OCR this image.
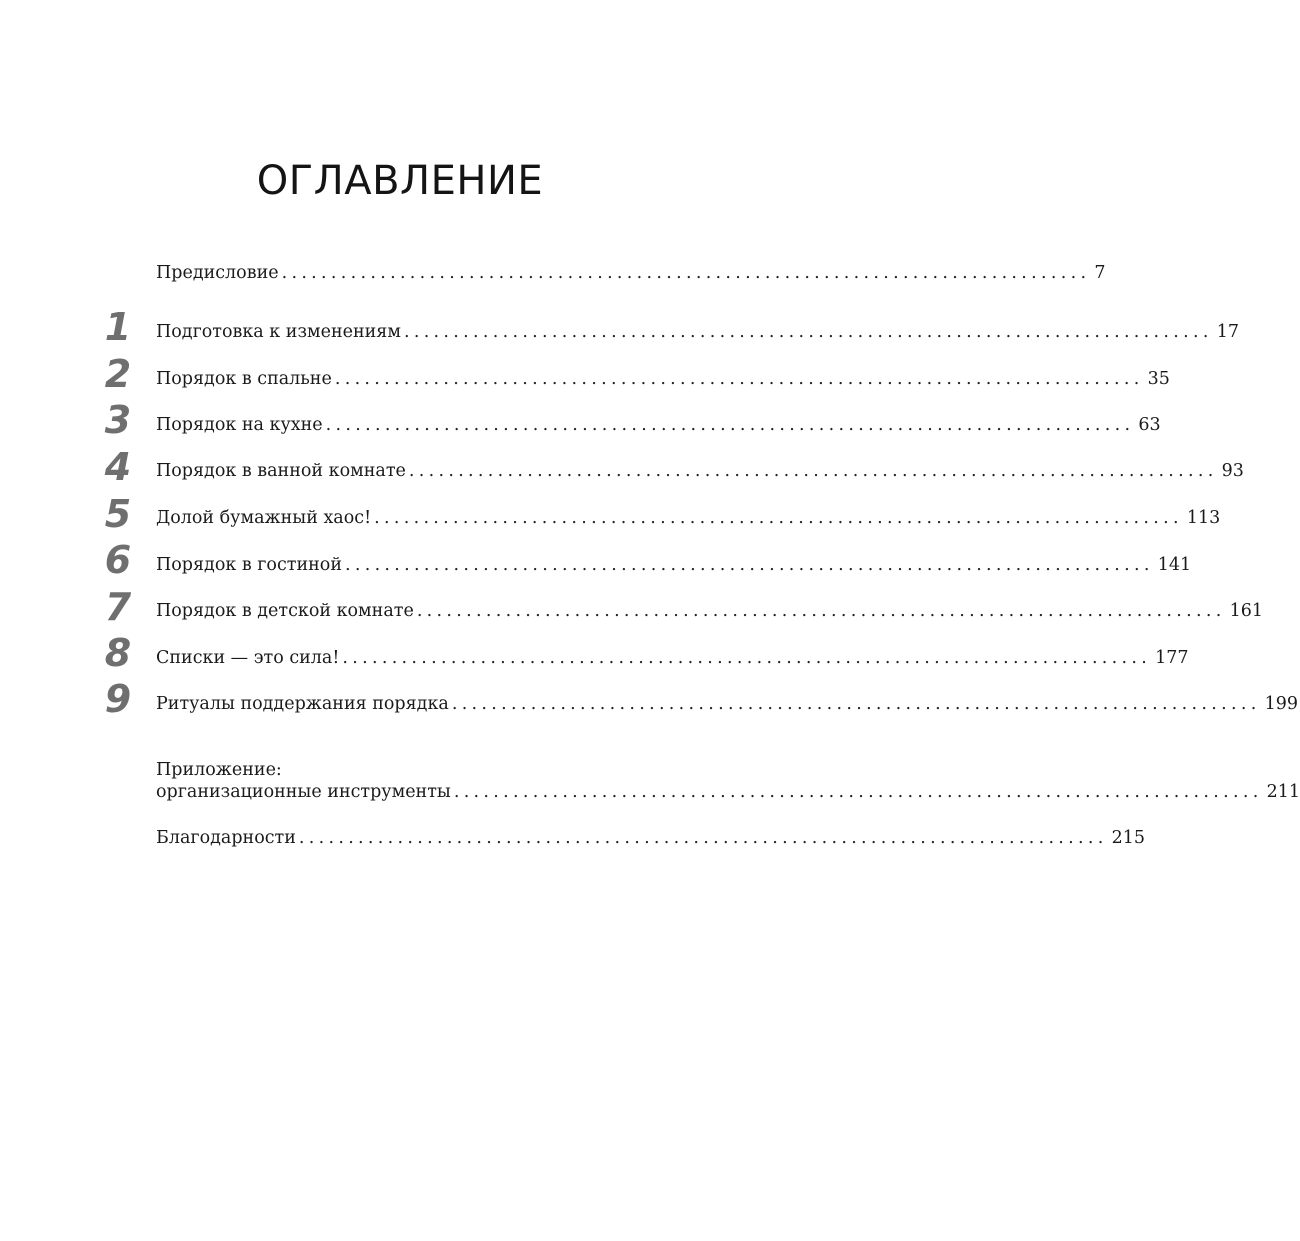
ОГЛАВЛЕНИЕ
Предисловие .................................................................................. 7
1 Подготовка к изменениям .................................................................................. 17
2 Порядок в спальне .................................................................................. 35
3 Порядок на кухне .................................................................................. 63
4 Порядок в ванной комнате .................................................................................. 93
5 Долой бумажный хаос! .................................................................................. 113
6 Порядок в гостиной .................................................................................. 141
7 Порядок в детской комнате .................................................................................. 161
8 Списки — это сила! .................................................................................. 177
9 Ритуалы поддержания порядка .................................................................................. 199
Приложение:
организационные инструменты .................................................................................. 211
Благодарности .................................................................................. 215
